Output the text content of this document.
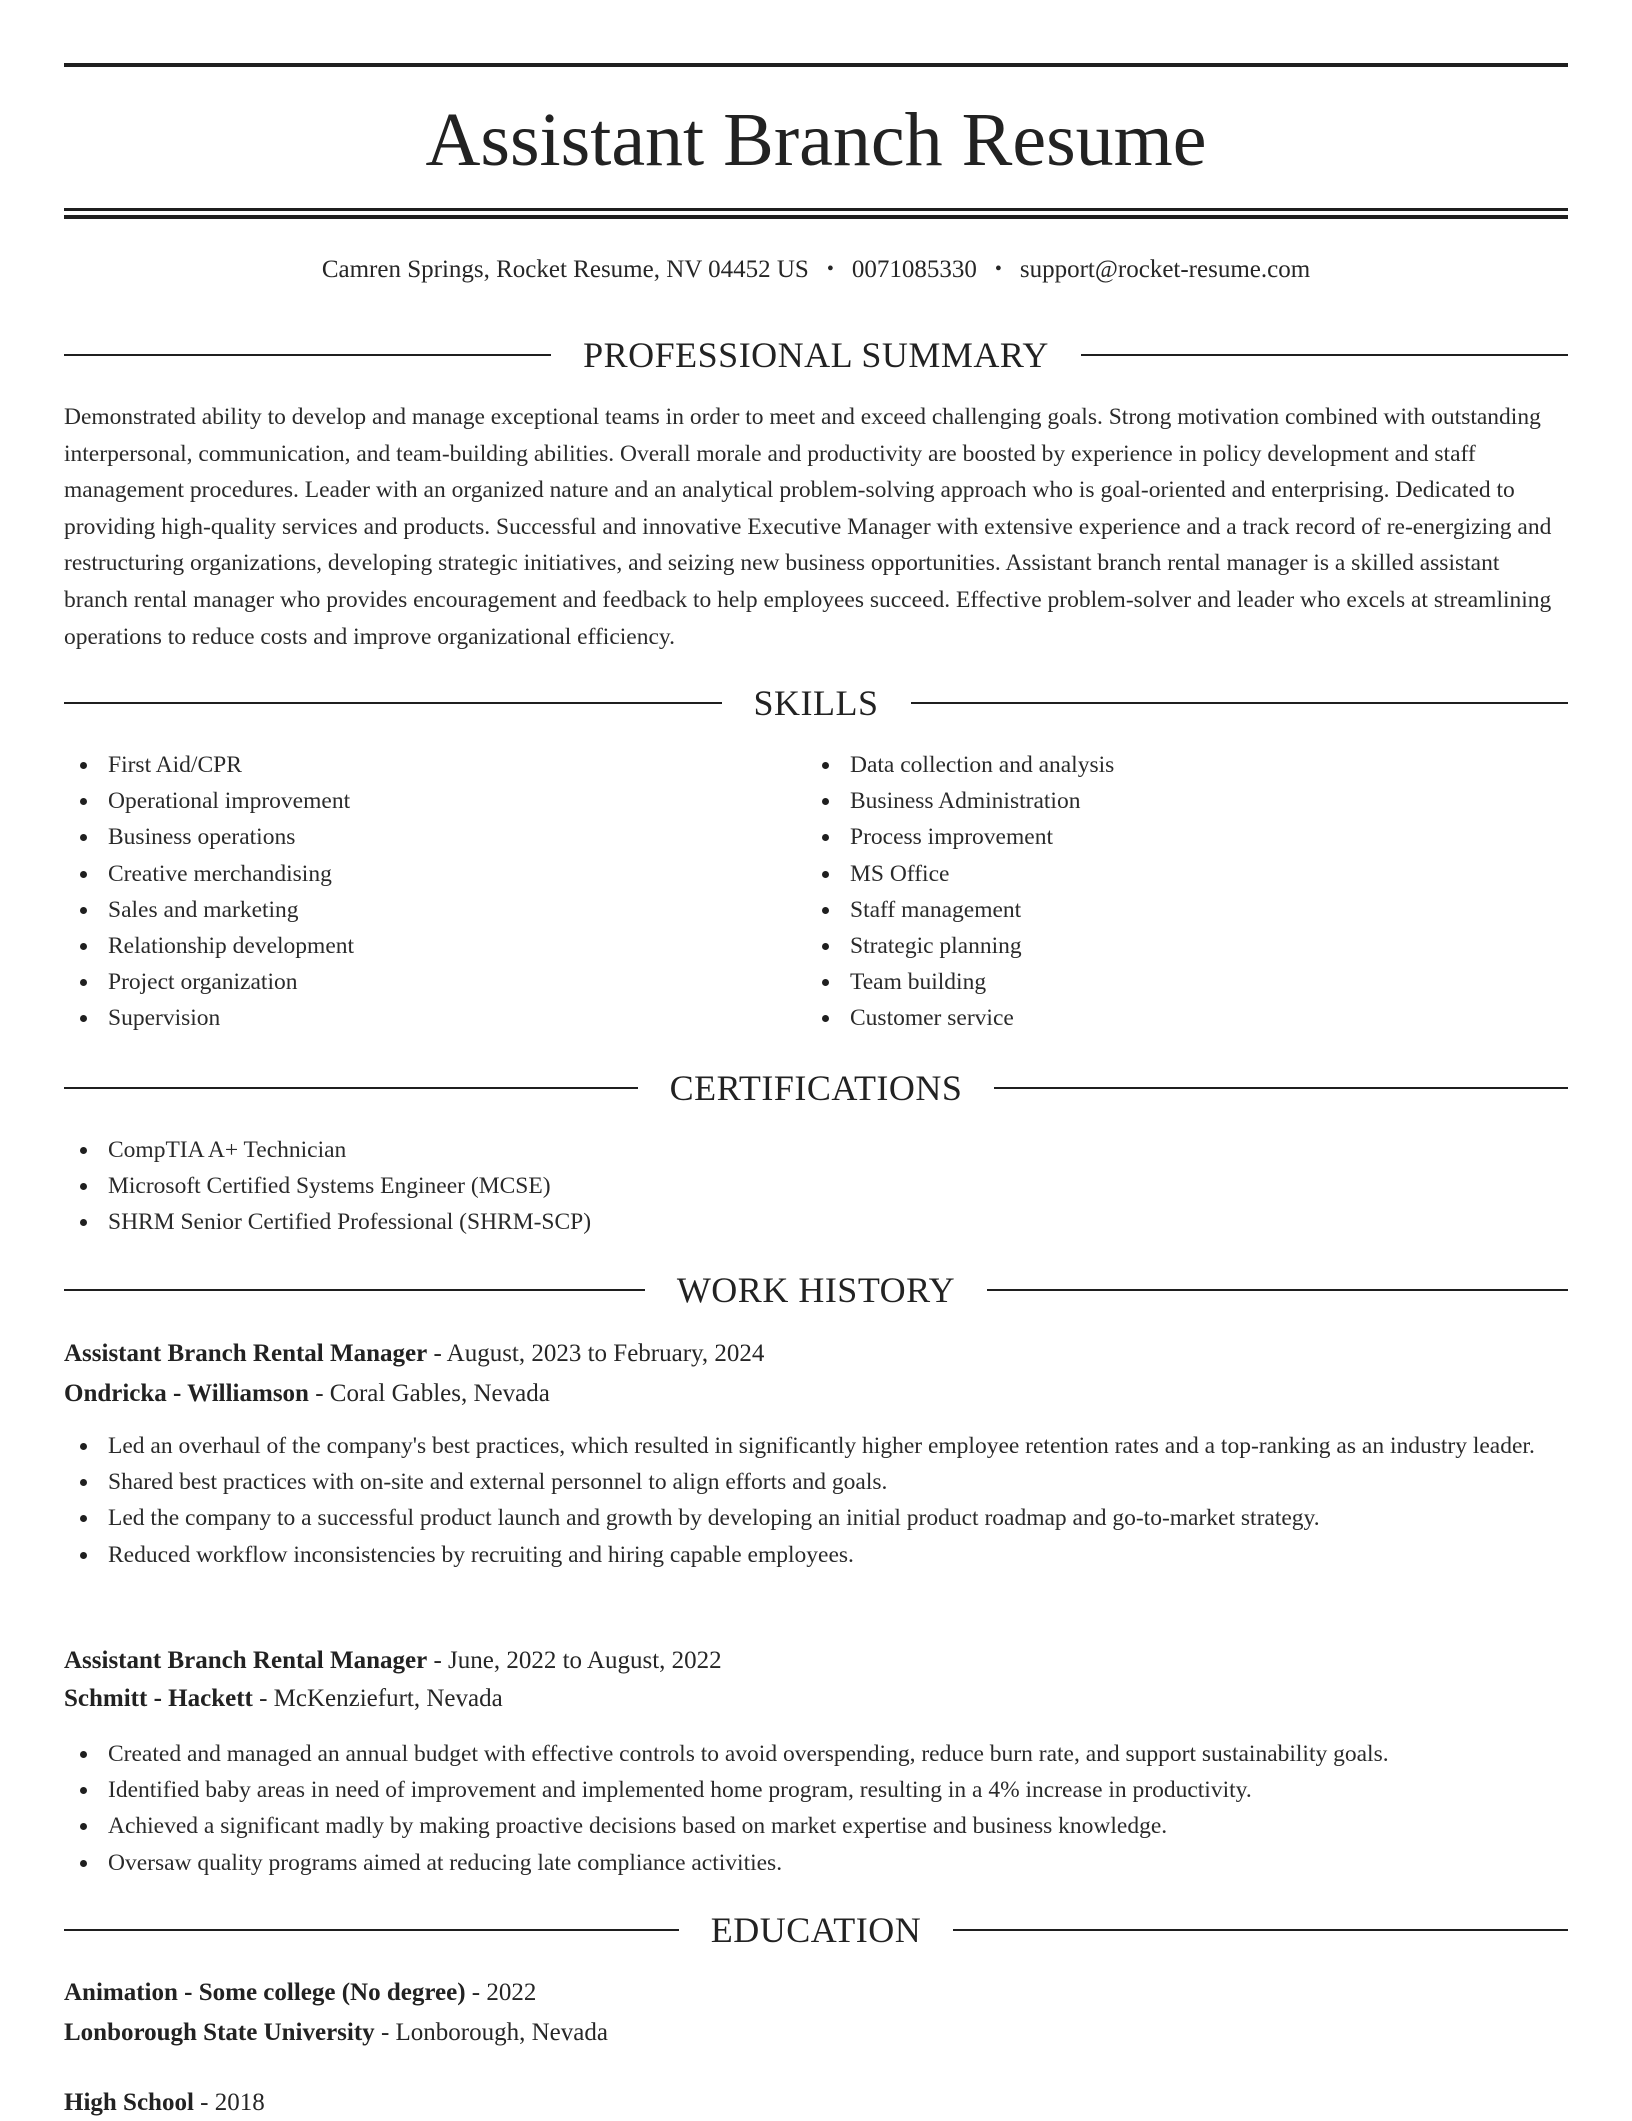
Assistant Branch Resume
Camren Springs, Rocket Resume, NV 04452 US • 0071085330 • support@rocket-resume.com
PROFESSIONAL SUMMARY

Demonstrated ability to develop and manage exceptional teams in order to meet and exceed challenging goals. Strong motivation combined with outstanding interpersonal, communication, and team-building abilities. Overall morale and productivity are boosted by experience in policy development and staff management procedures. Leader with an organized nature and an analytical problem-solving approach who is goal-oriented and enterprising. Dedicated to providing high-quality services and products. Successful and innovative Executive Manager with extensive experience and a track record of re-energizing and restructuring organizations, developing strategic initiatives, and seizing new business opportunities. Assistant branch rental manager is a skilled assistant branch rental manager who provides encouragement and feedback to help employees succeed. Effective problem-solver and leader who excels at streamlining operations to reduce costs and improve organizational efficiency.

SKILLS
First Aid/CPR
Operational improvement
Business operations
Creative merchandising
Sales and marketing
Relationship development
Project organization
Supervision
Data collection and analysis
Business Administration
Process improvement
MS Office
Staff management
Strategic planning
Team building
Customer service
CERTIFICATIONS
CompTIA A+ Technician
Microsoft Certified Systems Engineer (MCSE)
SHRM Senior Certified Professional (SHRM-SCP)
WORK HISTORY
Assistant Branch Rental Manager - August, 2023 to February, 2024
Ondricka - Williamson - Coral Gables, Nevada
Led an overhaul of the company's best practices, which resulted in significantly higher employee retention rates and a top-ranking as an industry leader.
Shared best practices with on-site and external personnel to align efforts and goals.
Led the company to a successful product launch and growth by developing an initial product roadmap and go-to-market strategy.
Reduced workflow inconsistencies by recruiting and hiring capable employees.
Assistant Branch Rental Manager - June, 2022 to August, 2022
Schmitt - Hackett - McKenziefurt, Nevada
Created and managed an annual budget with effective controls to avoid overspending, reduce burn rate, and support sustainability goals.
Identified baby areas in need of improvement and implemented home program, resulting in a 4% increase in productivity.
Achieved a significant madly by making proactive decisions based on market expertise and business knowledge.
Oversaw quality programs aimed at reducing late compliance activities.
EDUCATION
Animation - Some college (No degree) - 2022
Lonborough State University - Lonborough, Nevada
High School - 2018
